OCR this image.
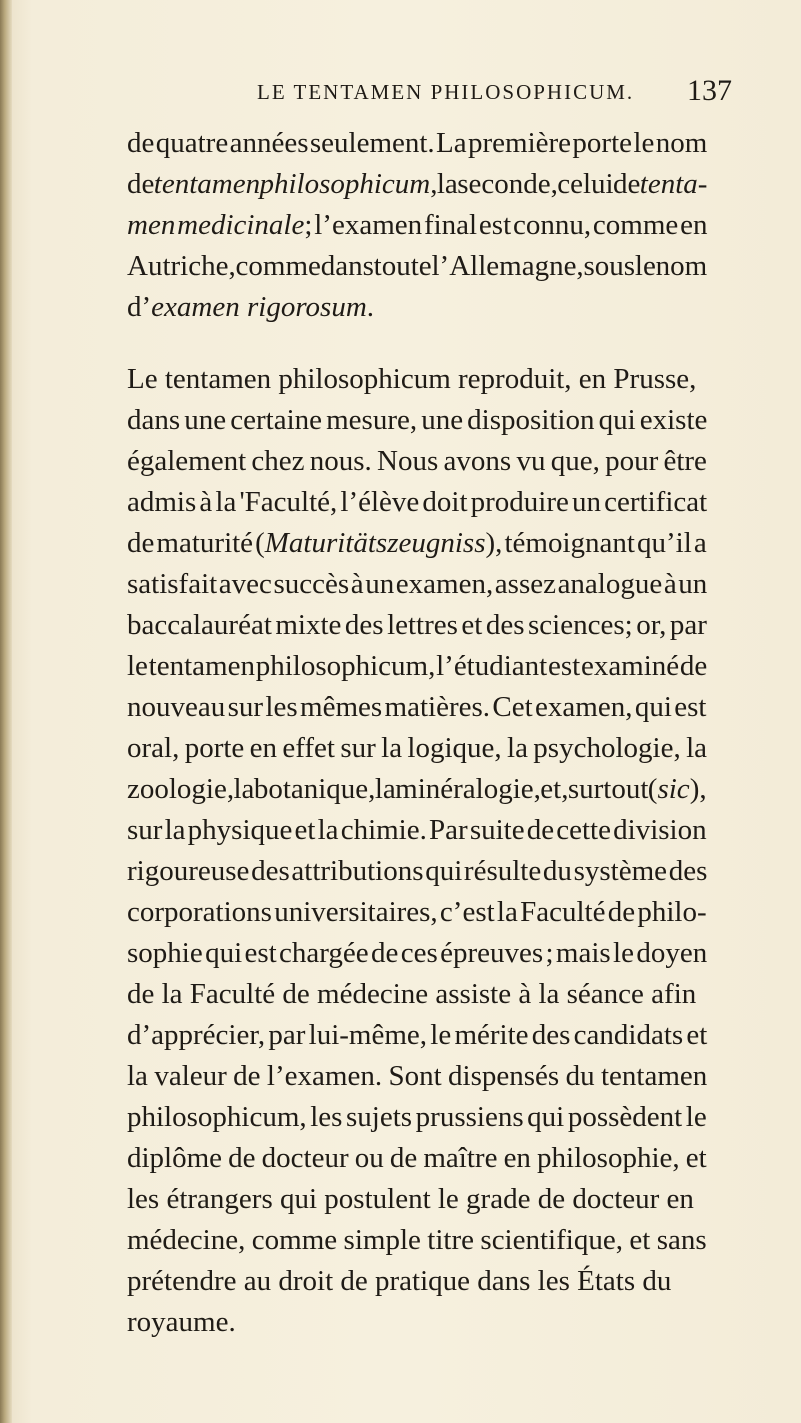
LE TENTAMEN PHILOSOPHICUM. 137
de quatre années seulement. La première porte le nom
de tentamen philosophicum, la seconde, celui de tenta-
men medicinale; l’examen final est connu, comme en
Autriche, comme dans toute l’Allemagne, sous le nom
d’ examen rigorosum .
Le tentamen philosophicum reproduit, en Prusse,
dans une certaine mesure, une disposition qui existe
également chez nous. Nous avons vu que, pour être
admis à la 'Faculté, l’élève doit produire un certificat
de maturité (Maturitätszeugniss), témoignant qu’il a
satisfait avec succès à un examen, assez analogue à un
baccalauréat mixte des lettres et des sciences; or, par
le tentamen philosophicum, l’étudiant est examiné de
nouveau sur les mêmes matières. Cet examen, qui est
oral, porte en effet sur la logique, la psychologie, la
zoologie, la botanique, la minéralogie, et, surtout (sic),
sur la physique et la chimie. Par suite de cette division
rigoureuse des attributions qui résulte du système des
corporations universitaires, c’est la Faculté de philo-
sophie qui est chargée de ces épreuves ; mais le doyen
de la Faculté de médecine assiste à la séance afin
d’apprécier, par lui-même, le mérite des candidats et
la valeur de l’examen. Sont dispensés du tentamen
philosophicum, les sujets prussiens qui possèdent le
diplôme de docteur ou de maître en philosophie, et
les étrangers qui postulent le grade de docteur en
médecine, comme simple titre scientifique, et sans
prétendre au droit de pratique dans les États du
royaume.
